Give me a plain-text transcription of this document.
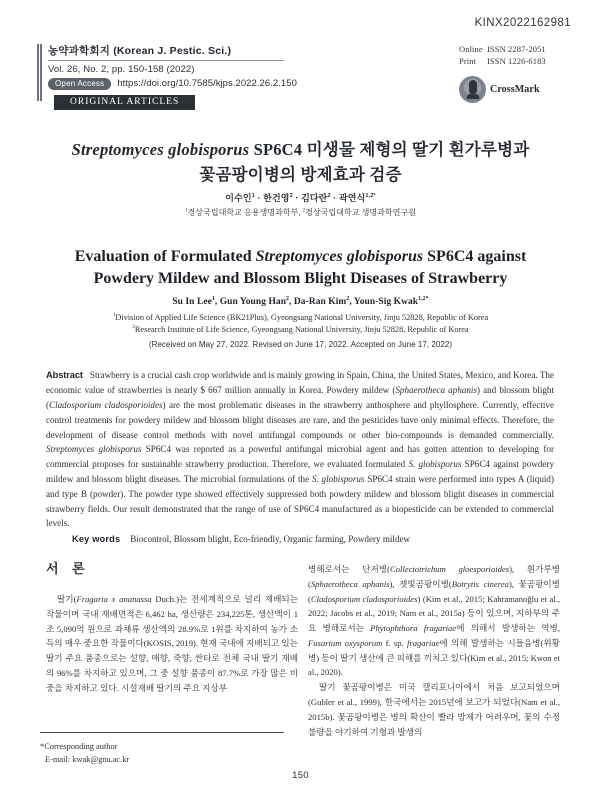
KINX2022162981
농약과학회지 (Korean J. Pestic. Sci.)
Vol. 26, No. 2, pp. 150-158 (2022)
Open Access	https://doi.org/10.7585/kjps.2022.26.2.150
ORIGINAL ARTICLES
Online ISSN 2287-2051
Print ISSN 1226-6183
CrossMark
Streptomyces globisporus SP6C4 미생물 제형의 딸기 흰가루병과
꽃곰팡이병의 방제효과 검증
이수인$^1$ · 한건영$^2$ · 김다란$^2$ · 곽연식$^{1,2*}$
$^1$경상국립대학교 응용생명과학부, $^2$경상국립대학교 생명과학연구원
Evaluation of Formulated Streptomyces globisporus SP6C4 against
Powdery Mildew and Blossom Blight Diseases of Strawberry
Su In Lee$^1$, Gun Young Han$^2$, Da-Ran Kim$^2$, Youn-Sig Kwak$^{1,2*}$
$^1$Division of Applied Life Science (BK21Plus), Gyeongsang National University, Jinju 52828, Republic of Korea
$^2$Research Institute of Life Science, Gyeongsang National University, Jinju 52828, Republic of Korea
(Received on May 27, 2022. Revised on June 17, 2022. Accepted on June 17, 2022)
Abstract Strawberry is a crucial cash crop worldwide and is mainly growing in Spain, China, the United States, Mexico, and Korea. The economic value of strawberries is nearly $ 667 million annually in Korea. Powdery mildew (Sphaerotheca aphanis) and blossom blight (Cladosporium cladosporioides) are the most problematic diseases in the strawberry anthosphere and phyllosphere. Currently, effective control treatments for powdery mildew and blossom blight diseases are rare, and the pesticides have only minimal effects. Therefore, the development of disease control methods with novel antifungal compounds or other bio-compounds is demanded commercially. Streptomyces globisporus SP6C4 was reported as a powerful antifungal microbial agent and has gotten attention to developing for commercial proposes for sustainable strawberry production. Therefore, we evaluated formulated S. globisporus SP6C4 against powdery mildew and blossom blight diseases. The microbial formulations of the S. globisporus SP6C4 strain were performed into types A (liquid) and type B (powder). The powder type showed effectively suppressed both powdery mildew and blossom blight diseases in commercial strawberry fields. Our result demonstrated that the range of use of SP6C4 manufactured as a biopesticide can be extended to commercial levels.
Key words Biocontrol, Blossom blight, Eco-friendly, Organic farming, Powdery mildew
서 론

딸기(Fragaria x ananassa Duch.)는 전세계적으로 널리 재배되는 작물이며 국내 재배면적은 6,462 ha, 생산량은 234,225톤, 생산액이 1조 5,090억 원으로 과채류 생산액의 28.9%로 1위를 차지하여 농가 소득의 매우 중요한 작물이다(KOSIS, 2019). 현재 국내에 지배되고 있는 딸기 주요 품종으로는 설향, 매향, 죽향, 싼타로 전체 국내 딸기 재배의 96%를 차지하고 있으며, 그 중 설향 품종이 87.7%로 가장 많은 비중을 차지하고 있다. 시설재배 딸기의 주요 지상부

병해로서는 단저병(Collectotrichum gloesporioides), 흰가루병(Sphaerotheca aphanis), 잿빛곰팡이병(Botrytis cinerea), 꽃곰팡이병(Cladosporium cladosporioides) (Kim et al., 2015; Kahramanoğlu et al., 2022; Jacobs et al., 2019; Nam et al., 2015a) 등이 있으며, 지하부의 주요 병해로서는 Phytophthora fragariae에 의해서 발생하는 역병, Fusarium oxysporum f. sp. fragariae에 의해 발생하는 시들음병(위황병) 등이 딸기 생산에 큰 피해를 끼치고 있다(Kim et al., 2015; Kwon et al., 2020).

딸기 꽃곰팡이병은 미국 캘리포니아에서 처음 보고되었으며(Gubler et al., 1999), 한국에서는 2015년에 보고가 되었다(Nam et al., 2015b). 꽃곰팡이병은 병의 확산이 빨라 방제가 어려우며, 꽃의 수정 불량을 야기하여 기형과 발생의

*Corresponding author
E-mail: kwak@gnu.ac.kr
150
